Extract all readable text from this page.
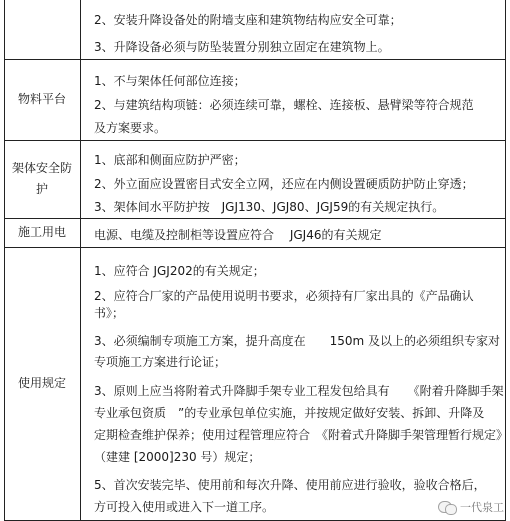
2、安装升降设备处的附墙支座和建筑物结构应安全可靠；
3、升降设备必须与防坠装置分别独立固定在建筑物上。
物料平台
1、不与架体任何部位连接；
2、与建筑结构项链：必须连续可靠，螺栓、连接板、悬臂梁等符合规范
及方案要求。
架体安全防护
1、底部和侧面应防护严密；
2、外立面应设置密目式安全立网，还应在内侧设置硬质防护防止穿透；
3、架体间水平防护按　JGJ130、JGJ80、JGJ59的有关规定执行。
施工用电	电源、电缆及控制柜等设置应符合　 JGJ46的有关规定
使用规定
1、应符合 JGJ202的有关规定；
2、应符合厂家的产品使用说明书要求，必须持有厂家出具的《产品确认
书》；
3、必须编制专项施工方案，提升高度在　　150m 及以上的必须组织专家对
专项施工方案进行论证；
3、原则上应当将附着式升降脚手架专业工程发包给具有　　《附着升降脚手架
专业承包资质　”的专业承包单位实施，并按规定做好安装、拆卸、升降及
定期检查维护保养；使用过程管理应符合　《附着式升降脚手架管理暂行规定》
（建建 [2000]230 号）规定；
5、首次安装完毕、使用前和每次升降、使用前应进行验收，验收合格后，
方可投入使用或进入下一道工序。	一代泉工
